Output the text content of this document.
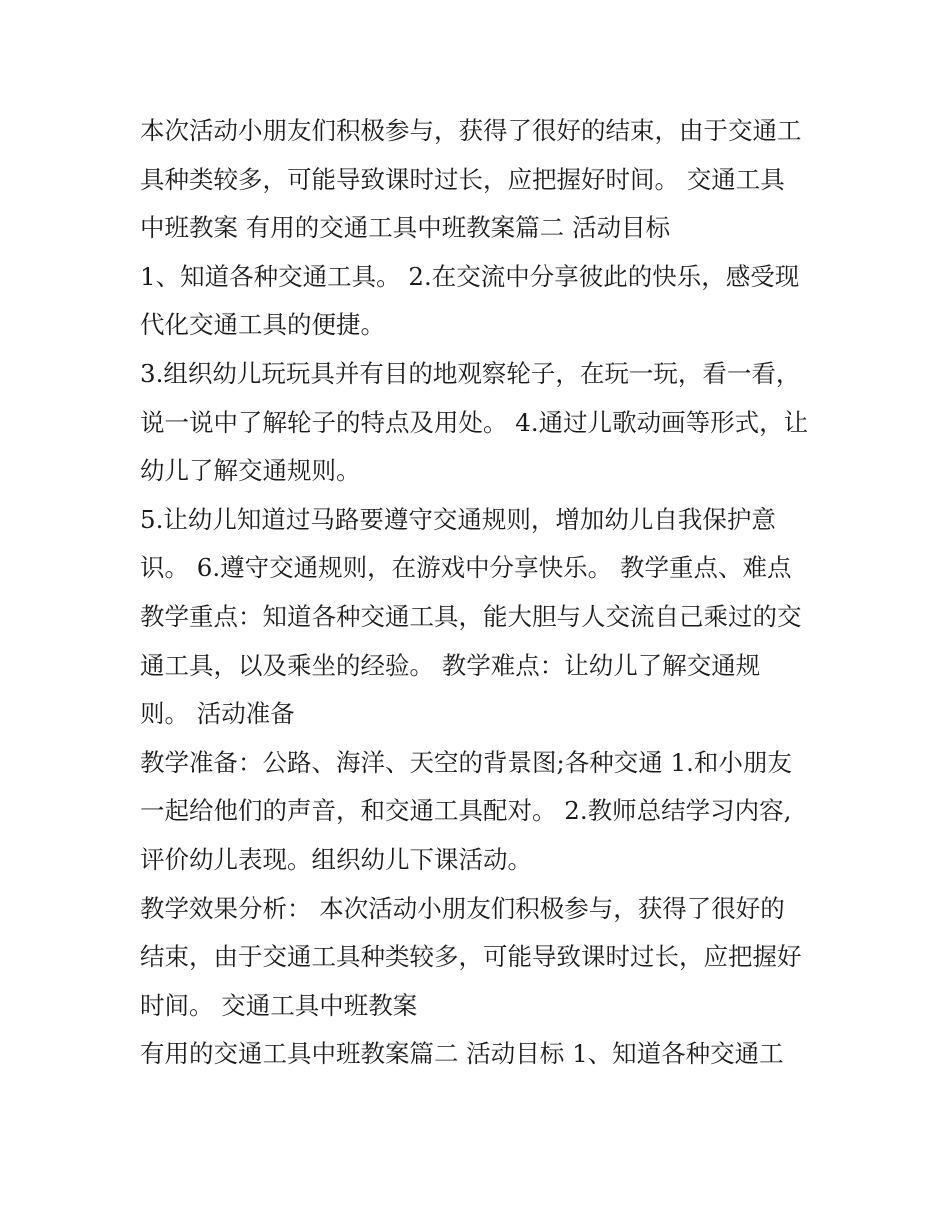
本次活动小朋友们积极参与，获得了很好的结束，由于交通工
具种类较多，可能导致课时过长，应把握好时间。 交通工具
中班教案 有用的交通工具中班教案篇二 活动目标
1、知道各种交通工具。 2.在交流中分享彼此的快乐，感受现
代化交通工具的便捷。
3.组织幼儿玩玩具并有目的地观察轮子，在玩一玩，看一看，
说一说中了解轮子的特点及用处。 4.通过儿歌动画等形式，让
幼儿了解交通规则。
5.让幼儿知道过马路要遵守交通规则，增加幼儿自我保护意
识。 6.遵守交通规则，在游戏中分享快乐。 教学重点、难点
教学重点：知道各种交通工具，能大胆与人交流自己乘过的交
通工具，以及乘坐的经验。 教学难点：让幼儿了解交通规
则。 活动准备
教学准备：公路、海洋、天空的背景图;各种交通 1.和小朋友
一起给他们的声音，和交通工具配对。 2.教师总结学习内容,
评价幼儿表现。组织幼儿下课活动。
教学效果分析： 本次活动小朋友们积极参与，获得了很好的
结束，由于交通工具种类较多，可能导致课时过长，应把握好
时间。 交通工具中班教案
有用的交通工具中班教案篇二 活动目标 1、知道各种交通工
